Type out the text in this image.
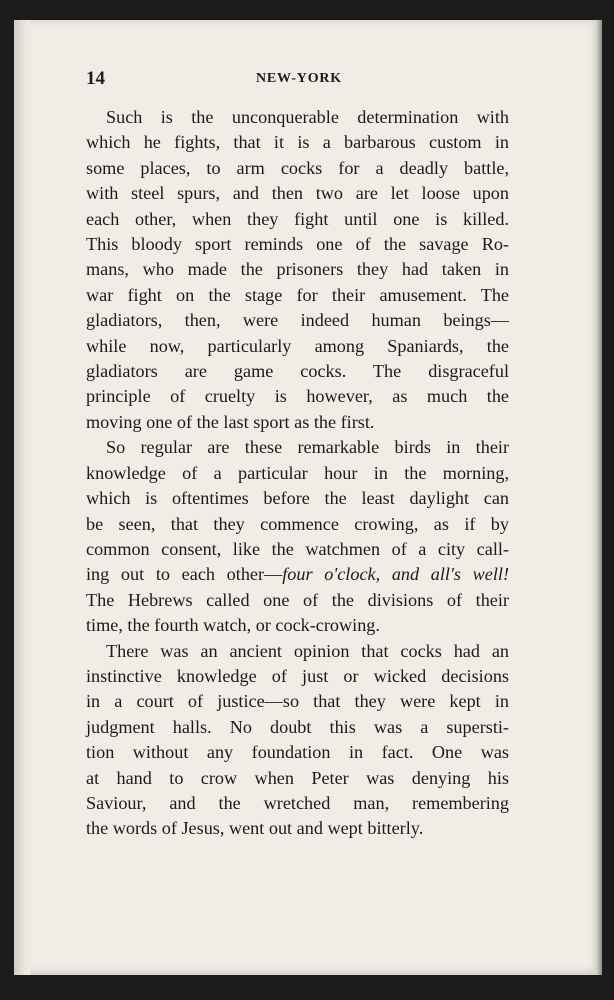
14	NEW-YORK

Such is the unconquerable determination with
which he fights, that it is a barbarous custom in
some places, to arm cocks for a deadly battle,
with steel spurs, and then two are let loose upon
each other, when they fight until one is killed.
This bloody sport reminds one of the savage Ro-
mans, who made the prisoners they had taken in
war fight on the stage for their amusement. The
gladiators, then, were indeed human beings—
while now, particularly among Spaniards, the
gladiators are game cocks. The disgraceful
principle of cruelty is however, as much the
moving one of the last sport as the first.

So regular are these remarkable birds in their
knowledge of a particular hour in the morning,
which is oftentimes before the least daylight can
be seen, that they commence crowing, as if by
common consent, like the watchmen of a city call-
ing out to each other—four o'clock, and all's well!
The Hebrews called one of the divisions of their
time, the fourth watch, or cock-crowing.

There was an ancient opinion that cocks had an
instinctive knowledge of just or wicked decisions
in a court of justice—so that they were kept in
judgment halls. No doubt this was a supersti-
tion without any foundation in fact. One was
at hand to crow when Peter was denying his
Saviour, and the wretched man, remembering
the words of Jesus, went out and wept bitterly.
